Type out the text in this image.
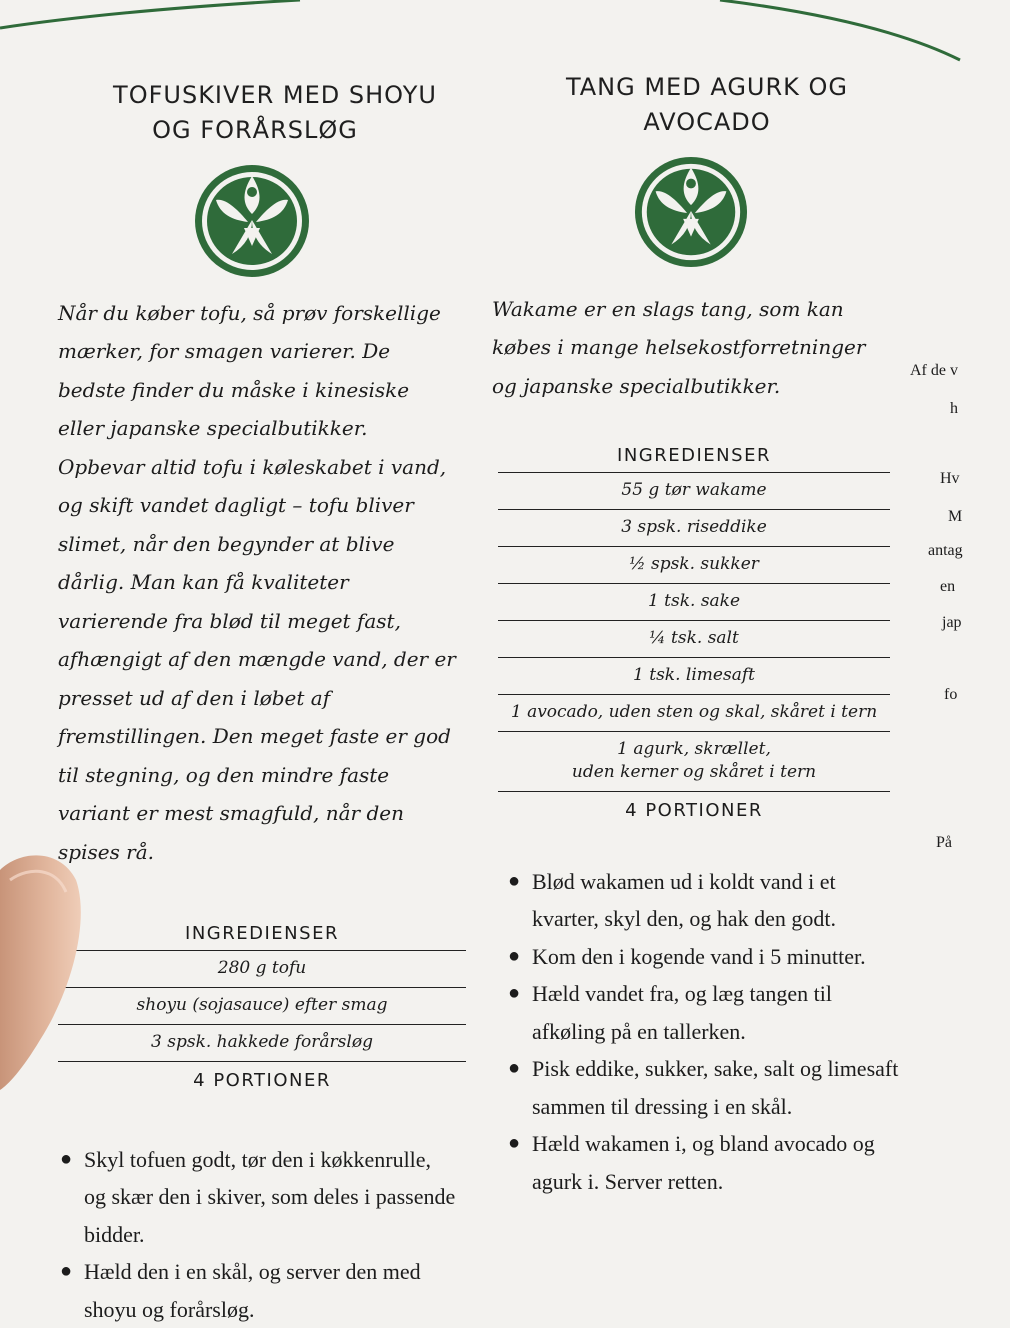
TOFUSKIVER MED SHOYU
OG FORÅRSLØG

Når du køber tofu, så prøv forskellige mærker, for smagen varierer. De bedste finder du måske i kinesiske eller japanske specialbutikker. Opbevar altid tofu i køleskabet i vand, og skift vandet dagligt – tofu bliver slimet, når den begynder at blive dårlig. Man kan få kvaliteter varierende fra blød til meget fast, afhængigt af den mængde vand, der er presset ud af den i løbet af fremstillingen. Den meget faste er god til stegning, og den mindre faste variant er mest smagfuld, når den spises rå.

INGREDIENSER
280 g tofu
shoyu (sojasauce) efter smag
3 spsk. hakkede forårsløg
4 PORTIONER
● Skyl tofuen godt, tør den i køkkenrulle, og skær den i skiver, som deles i passende bidder.
● Hæld den i en skål, og server den med shoyu og forårsløg.
TANG MED AGURK OG
AVOCADO

Wakame er en slags tang, som kan købes i mange helsekostforretninger og japanske specialbutikker.

INGREDIENSER
55 g tør wakame
3 spsk. riseddike
½ spsk. sukker
1 tsk. sake
¼ tsk. salt
1 tsk. limesaft
1 avocado, uden sten og skal, skåret i tern
1 agurk, skrællet,
uden kerner og skåret i tern
4 PORTIONER
● Blød wakamen ud i koldt vand i et kvarter, skyl den, og hak den godt.
● Kom den i kogende vand i 5 minutter.
● Hæld vandet fra, og læg tangen til afkøling på en tallerken.
● Pisk eddike, sukker, sake, salt og limesaft sammen til dressing i en skål.
● Hæld wakamen i, og bland avocado og agurk i. Server retten.
Af de v
h
Hv
M
antag
en
jap
fo
På
